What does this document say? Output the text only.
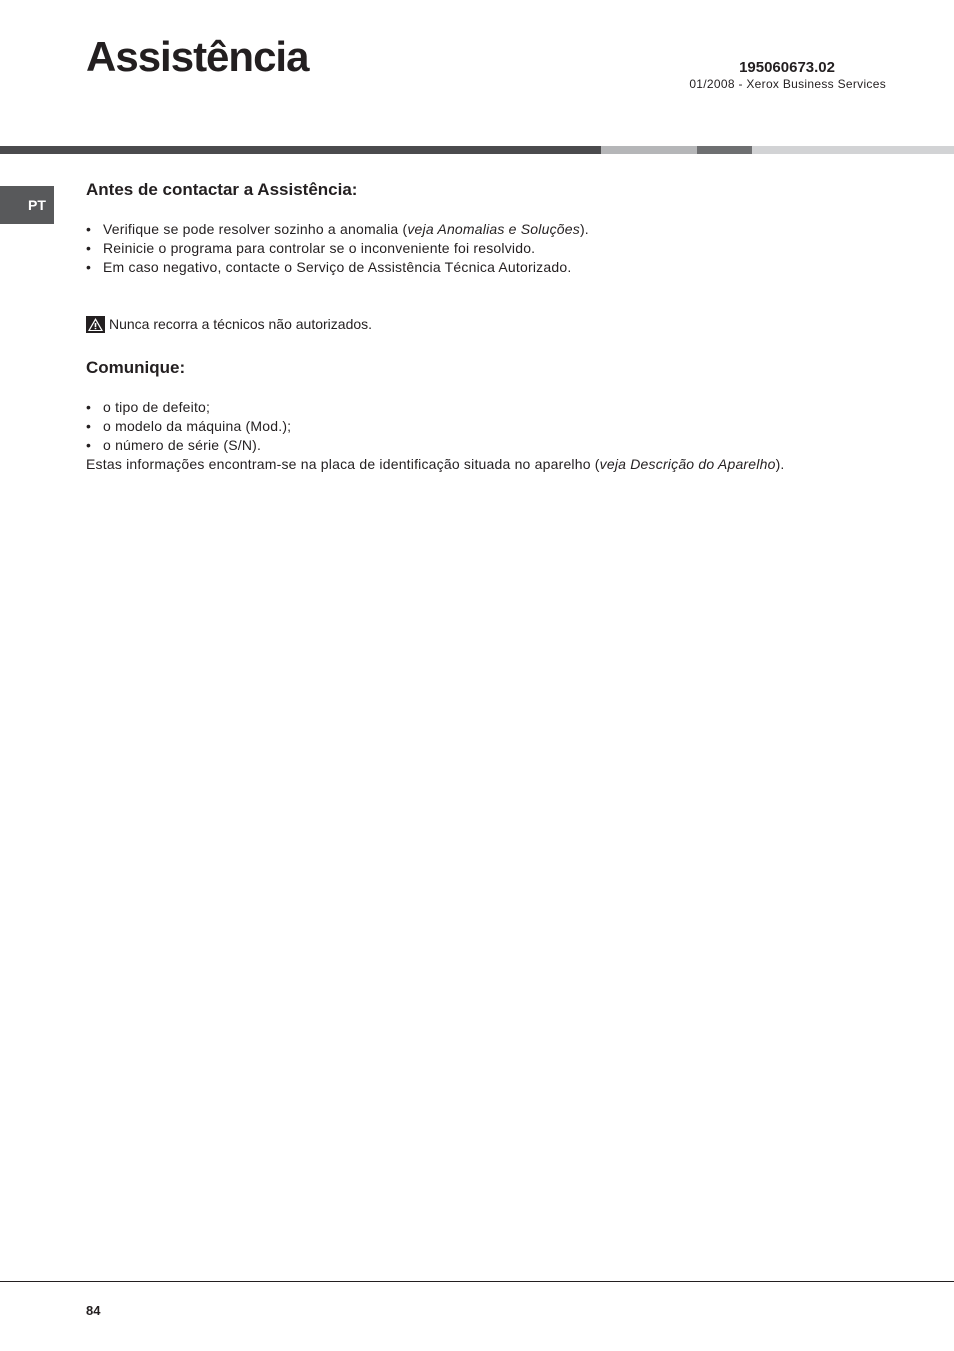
Assistência	195060673.02
01/2008 - Xerox Business Services
PT
Antes de contactar a Assistência:
• Verifique se pode resolver sozinho a anomalia (veja Anomalias e Soluções).
• Reinicie o programa para controlar se o inconveniente foi resolvido.
• Em caso negativo, contacte o Serviço de Assistência Técnica Autorizado.
Nunca recorra a técnicos não autorizados.
Comunique:
• o tipo de defeito;
• o modelo da máquina (Mod.);
• o número de série (S/N).
Estas informações encontram-se na placa de identificação situada no aparelho (veja Descrição do Aparelho).
84
